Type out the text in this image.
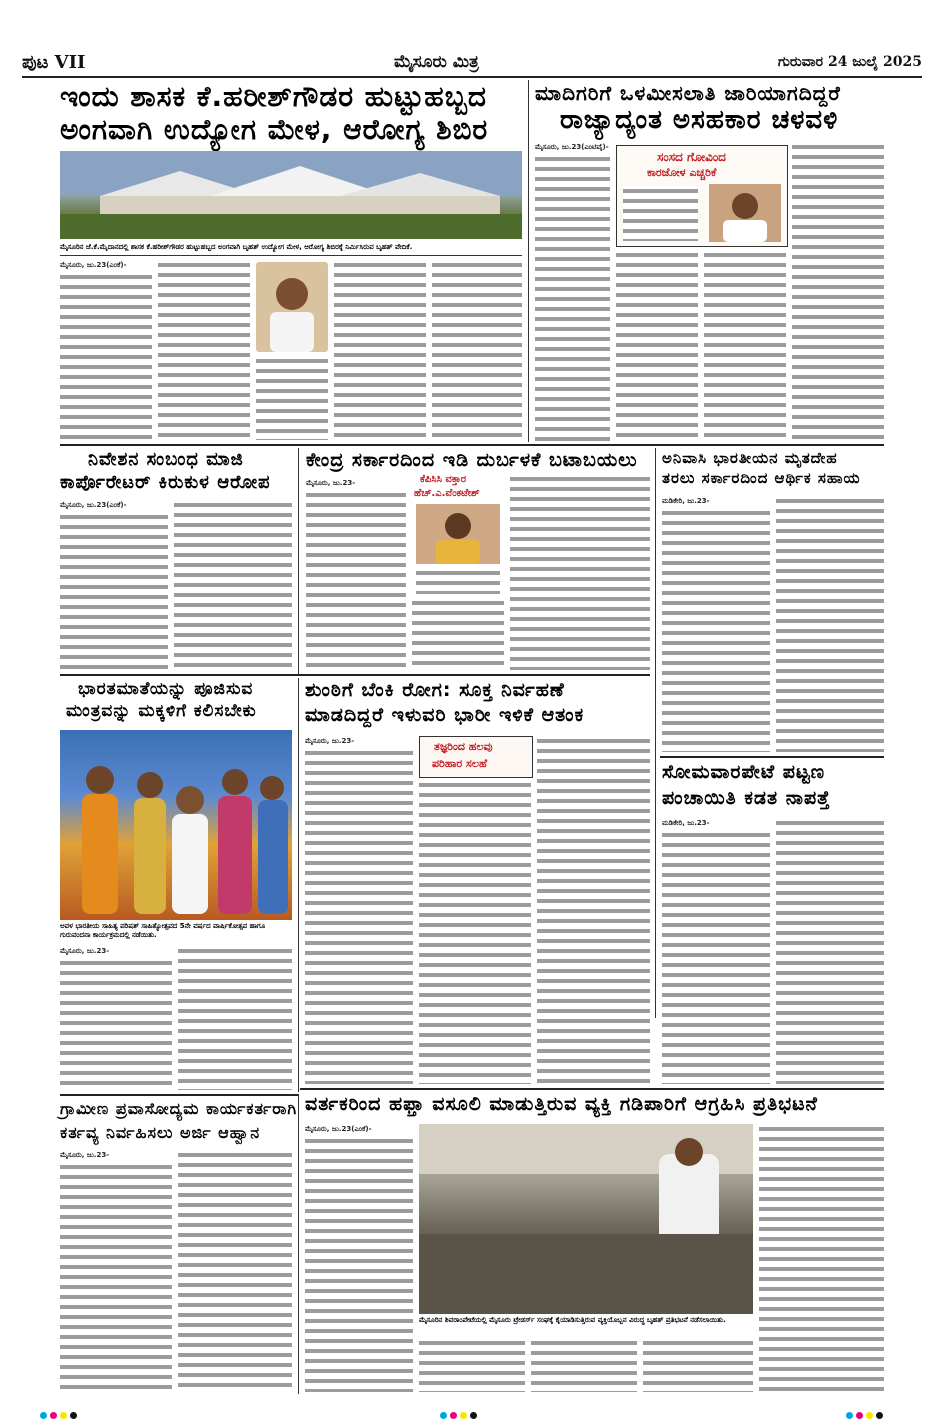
ಪುಟ VII	ಮೈಸೂರು ಮಿತ್ರ	ಗುರುವಾರ 24 ಜುಲೈ 2025
ಇಂದು ಶಾಸಕ ಕೆ.ಹರೀಶ್‌ಗೌಡರ ಹುಟ್ಟುಹಬ್ಬದ
ಅಂಗವಾಗಿ ಉದ್ಯೋಗ ಮೇಳ, ಆರೋಗ್ಯ ಶಿಬಿರ
ಮೈಸೂರಿನ ಜೆ.ಕೆ.ಮೈದಾನದಲ್ಲಿ ಶಾಸಕ ಕೆ.ಹರೀಶ್‌ಗೌಡರ ಹುಟ್ಟುಹಬ್ಬದ ಅಂಗವಾಗಿ ಬೃಹತ್ ಉದ್ಯೋಗ ಮೇಳ, ಆರೋಗ್ಯ ಶಿಬಿರಕ್ಕೆ ನಿರ್ಮಿಸಿರುವ ಬೃಹತ್ ವೇದಿಕೆ.
ಮೈಸೂರು, ಜು.23(ಎಂಕೆ)-
ಮಾದಿಗರಿಗೆ ಒಳಮೀಸಲಾತಿ ಜಾರಿಯಾಗದಿದ್ದರೆ
ರಾಜ್ಯಾದ್ಯಂತ ಅಸಹಕಾರ ಚಳವಳಿ
ಮೈಸೂರು, ಜು.23(ಎಂಟಿವೈ)-
ಸಂಸದ ಗೋವಿಂದ
ಕಾರಜೋಳ ಎಚ್ಚರಿಕೆ
ನಿವೇಶನ ಸಂಬಂಧ ಮಾಜಿ
ಕಾರ್ಪೊರೇಟರ್ ಕಿರುಕುಳ ಆರೋಪ
ಮೈಸೂರು, ಜು.23(ಎಂಕೆ)-
ಕೇಂದ್ರ ಸರ್ಕಾರದಿಂದ ಇಡಿ ದುರ್ಬಳಕೆ ಬಟಾಬಯಲು
ಮೈಸೂರು, ಜು.23-	ಕೆಪಿಸಿಸಿ ವಕ್ತಾರ
ಹೆಚ್.ಎ.ವೆಂಕಟೇಶ್
ಅನಿವಾಸಿ ಭಾರತೀಯನ ಮೃತದೇಹ
ತರಲು ಸರ್ಕಾರದಿಂದ ಆರ್ಥಿಕ ಸಹಾಯ
ಮಡಿಕೇರಿ, ಜು.23-
ಭಾರತಮಾತೆಯನ್ನು ಪೂಜಿಸುವ
ಮಂತ್ರವನ್ನು ಮಕ್ಕಳಿಗೆ ಕಲಿಸಬೇಕು
ಅವಳ ಭಾರತೀಯ ಸಾಹಿತ್ಯ ಪರಿಷತ್ ಸಾಹಿತ್ಯೋತ್ಸವದ 5ನೇ ವರ್ಷದ ವಾರ್ಷಿಕೋತ್ಸವ ಹಾಗೂ ಗುರುವಂದನಾ ಕಾರ್ಯಕ್ರಮದಲ್ಲಿ ನಡೆಯಿತು.
ಮೈಸೂರು, ಜು.23-
ಶುಂಠಿಗೆ ಬೆಂಕಿ ರೋಗ: ಸೂಕ್ತ ನಿರ್ವಹಣೆ
ಮಾಡದಿದ್ದರೆ ಇಳುವರಿ ಭಾರೀ ಇಳಿಕೆ ಆತಂಕ
ಮೈಸೂರು, ಜು.23-	ತಜ್ಞರಿಂದ ಹಲವು
ಪರಿಹಾರ ಸಲಹೆ	ಸೋಮವಾರಪೇಟೆ ಪಟ್ಟಣ
ಪಂಚಾಯಿತಿ ಕಡತ ನಾಪತ್ತೆ
ಮಡಿಕೇರಿ, ಜು.23-
ಗ್ರಾಮೀಣ ಪ್ರವಾಸೋದ್ಯಮ ಕಾರ್ಯಕರ್ತರಾಗಿ
ಕರ್ತವ್ಯ ನಿರ್ವಹಿಸಲು ಅರ್ಜಿ ಆಹ್ವಾನ
ಮೈಸೂರು, ಜು.23-
ವರ್ತಕರಿಂದ ಹಫ್ತಾ ವಸೂಲಿ ಮಾಡುತ್ತಿರುವ ವ್ಯಕ್ತಿ ಗಡಿಪಾರಿಗೆ ಆಗ್ರಹಿಸಿ ಪ್ರತಿಭಟನೆ
ಮೈಸೂರು, ಜು.23(ಎಂಕೆ)-
ಮೈಸೂರಿನ ಶಿವರಾಂಪೇಟೆಯಲ್ಲಿ ಮೈಸೂರು ಟ್ರೇಡರ್ಸ್ ಸಂಘಕ್ಕೆ ಕೈಯಾಡಿಸುತ್ತಿರುವ ವ್ಯಕ್ತಿಯೊಬ್ಬನ ವಿರುದ್ಧ ಬೃಹತ್ ಪ್ರತಿಭಟನೆ ನಡೆಸಲಾಯಿತು.
